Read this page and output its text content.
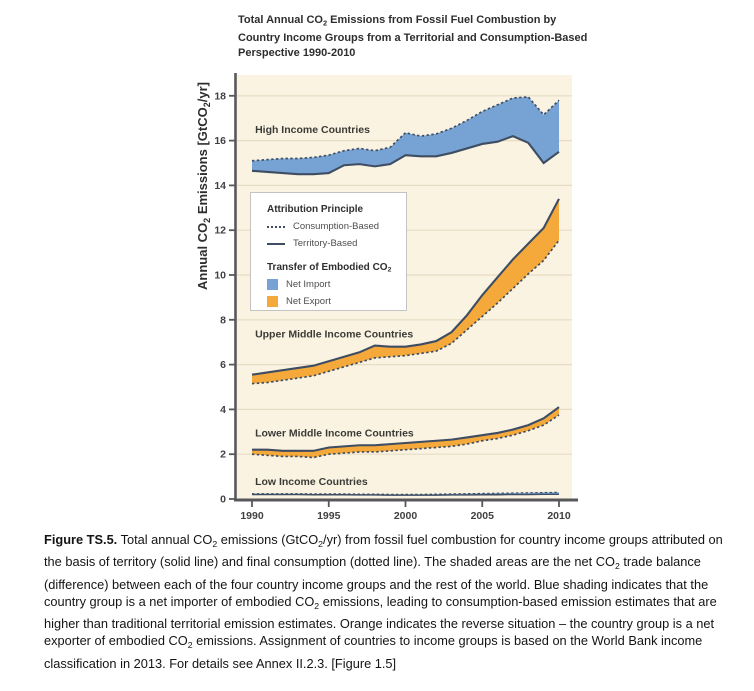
Total Annual $CO_2$ Emissions from Fossil Fuel Combustion by Country Income Groups from a Territorial and Consumption-Based Perspective 1990-2010
High Income Countries
Upper Middle Income Countries
Lower Middle Income Countries
Low Income Countries
0
2
4
6
8
10
12
14
16
18
1990	1995	2000	2005	2010
Annual $CO_2$ Emissions [GtCO$_2$/yr]
Attribution Principle
Consumption-Based
Territory-Based
Transfer of Embodied CO2
Net Import
Net Export

Figure TS.5. Total annual $CO_2$ emissions (GtCO$_2$/yr) from fossil fuel combustion for country income groups attributed on the basis of territory (solid line) and final consumption (dotted line). The shaded areas are the net $CO_2$ trade balance (difference) between each of the four country income groups and the rest of the world. Blue shading indicates that the country group is a net importer of embodied $CO_2$ emissions, leading to consumption-based emission estimates that are higher than traditional territorial emission estimates. Orange indicates the reverse situation – the country group is a net exporter of embodied $CO_2$ emissions. Assignment of countries to income groups is based on the World Bank income classification in 2013. For details see Annex II.2.3. [Figure 1.5]
